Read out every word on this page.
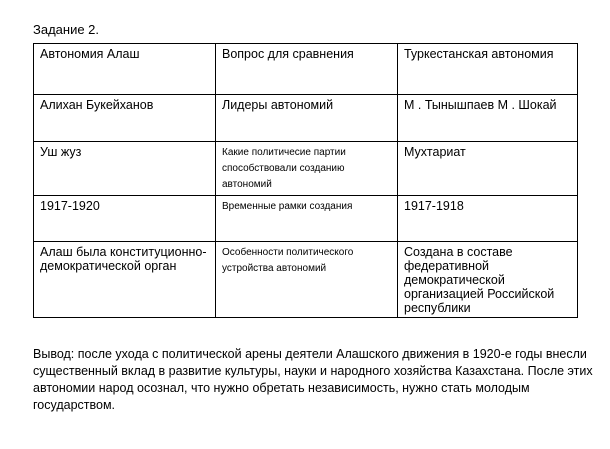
Задание 2.
Автономия Алаш	Вопрос для сравнения	Туркестанская автономия
Алихан Букейханов	Лидеры автономий	М . Тынышпаев М . Шокай
Уш жуз	Какие политичесие партии способствовали созданию автономий	Мухтариат
1917-1920	Временные рамки создания	1917-1918
Алаш была конституционно-демократической орган	Особенности политического устройства автономий	Создана в составе федеративной демократической организацией Российской республики
Вывод: после ухода с политической арены деятели Алашского движения в 1920-е годы внесли существенный вклад в развитие культуры, науки и народного хозяйства Казахстана. После этих автономии народ осознал, что нужно обретать независимость, нужно стать молодым государством.
